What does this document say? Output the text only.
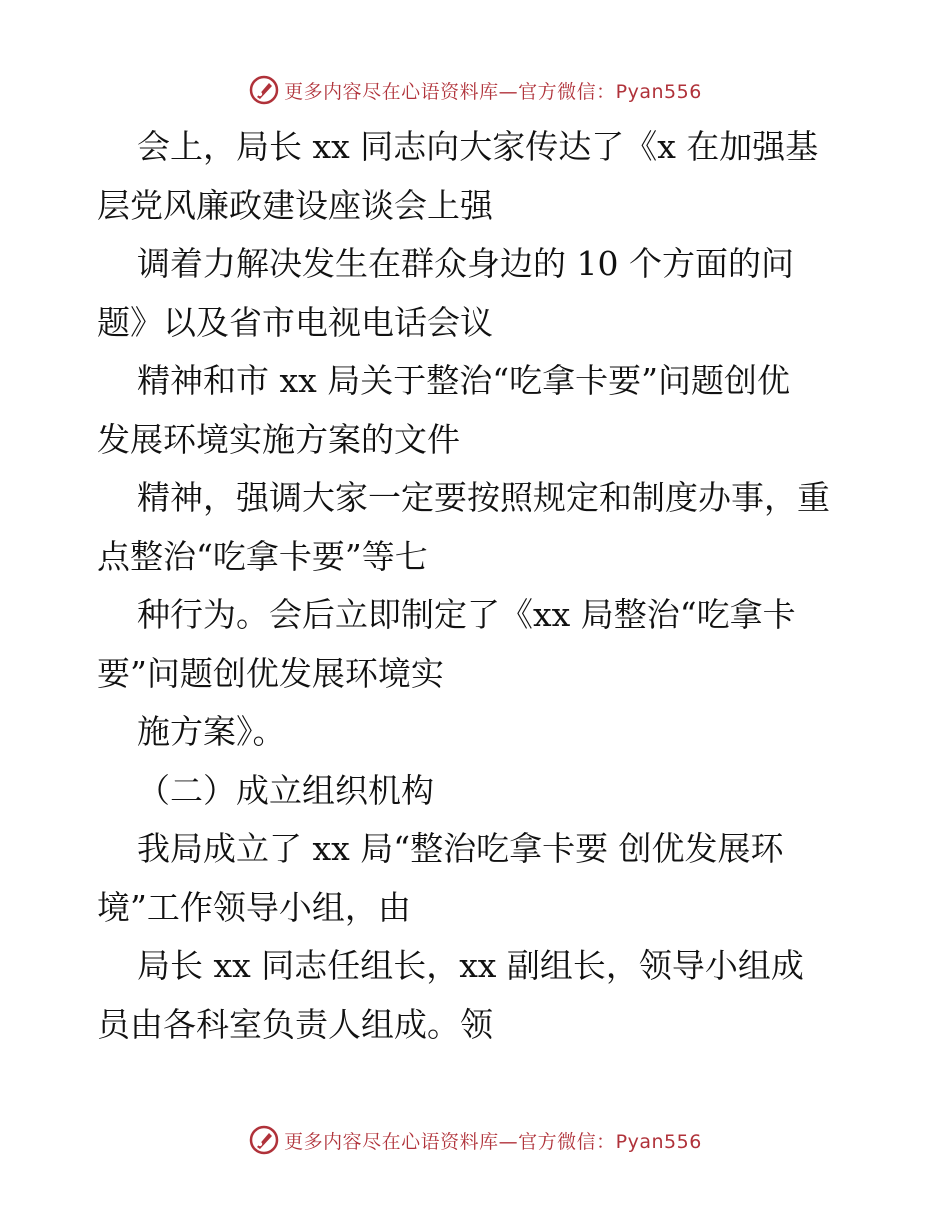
更多内容尽在心语资料库—官方微信：Pyan556
会上，局长 xx 同志向大家传达了《x 在加强基
层党风廉政建设座谈会上强
调着力解决发生在群众身边的 10 个方面的问
题》以及省市电视电话会议
精神和市 xx 局关于整治“吃拿卡要”问题创优
发展环境实施方案的文件
精神，强调大家一定要按照规定和制度办事，重
点整治“吃拿卡要”等七
种行为。会后立即制定了《xx 局整治“吃拿卡
要”问题创优发展环境实
施方案》。
（二）成立组织机构
我局成立了 xx 局“整治吃拿卡要 创优发展环
境”工作领导小组，由
局长 xx 同志任组长，xx 副组长，领导小组成
员由各科室负责人组成。领
更多内容尽在心语资料库—官方微信：Pyan556
